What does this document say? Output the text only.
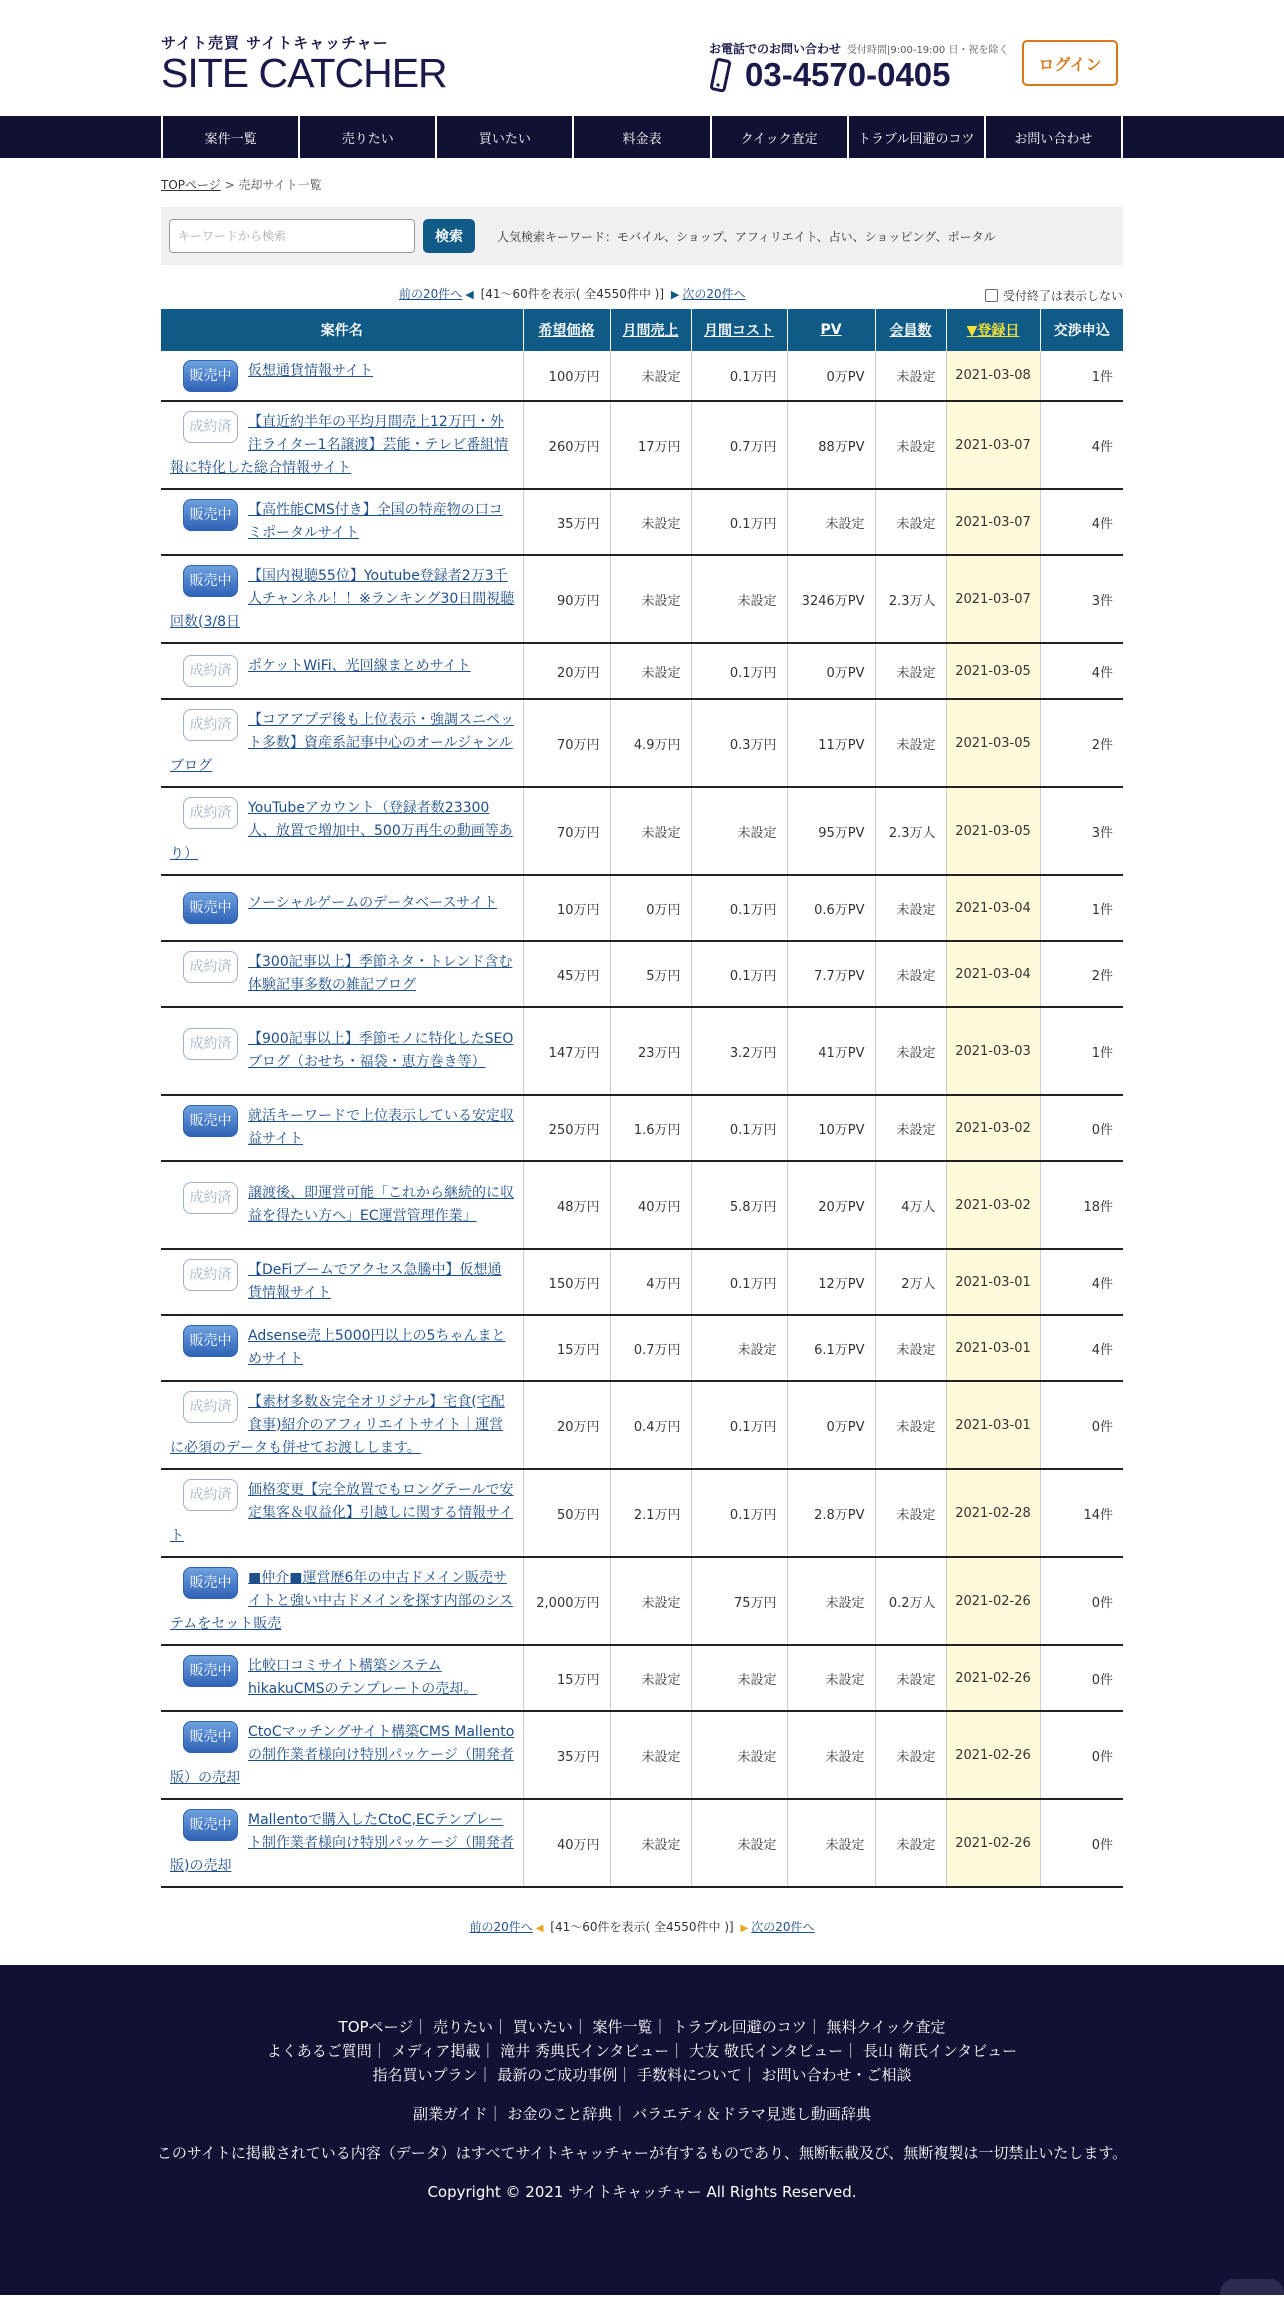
サイト売買 サイトキャッチャー
SITE CATCHER
お電話でのお問い合わせ 受付時間|9:00-19:00 日・祝を除く
03-4570-0405	ログイン
案件一覧	売りたい	買いたい	料金表	クイック査定	トラブル回避のコツ	お問い合わせ
TOPページ > 売却サイト一覧
キーワードから検索
検索	人気検索キーワード：モバイル、ショップ、アフィリエイト、占い、ショッピング、ポータル
前の20件へ ◀ [41～60件を表示( 全4550件中 )] ▶ 次の20件へ	受付終了は表示しない
案件名	希望価格	月間売上	月間コスト	PV	会員数	▼登録日	交渉申込

販売中 仮想通貨情報サイト	100万円	未設定	0.1万円	0万PV	未設定	2021-03-08	1件

成約済 【直近約半年の平均月間売上12万円・外注ライター1名譲渡】芸能・テレビ番組情報に特化した総合情報サイト	260万円	17万円	0.7万円	88万PV	未設定	2021-03-07	4件

販売中 【高性能CMS付き】全国の特産物の口コミポータルサイト	35万円	未設定	0.1万円	未設定	未設定	2021-03-07	4件

販売中 【国内視聴55位】Youtube登録者2万3千人チャンネル！！※ランキング30日間視聴回数(3/8日	90万円	未設定	未設定	3246万PV	2.3万人	2021-03-07	3件

成約済 ポケットWiFi、光回線まとめサイト	20万円	未設定	0.1万円	0万PV	未設定	2021-03-05	4件

成約済 【コアアプデ後も上位表示・強調スニペット多数】資産系記事中心のオールジャンルブログ	70万円	4.9万円	0.3万円	11万PV	未設定	2021-03-05	2件

成約済 YouTubeアカウント（登録者数23300人、放置で増加中、500万再生の動画等あり）	70万円	未設定	未設定	95万PV	2.3万人	2021-03-05	3件

販売中 ソーシャルゲームのデータベースサイト	10万円	0万円	0.1万円	0.6万PV	未設定	2021-03-04	1件

成約済 【300記事以上】季節ネタ・トレンド含む体験記事多数の雑記ブログ	45万円	5万円	0.1万円	7.7万PV	未設定	2021-03-04	2件

成約済 【900記事以上】季節モノに特化したSEOブログ（おせち・福袋・恵方巻き等）	147万円	23万円	3.2万円	41万PV	未設定	2021-03-03	1件

販売中 就活キーワードで上位表示している安定収益サイト	250万円	1.6万円	0.1万円	10万PV	未設定	2021-03-02	0件

成約済 譲渡後、即運営可能「これから継続的に収益を得たい方へ」EC運営管理作業」	48万円	40万円	5.8万円	20万PV	4万人	2021-03-02	18件

成約済 【DeFiブームでアクセス急騰中】仮想通貨情報サイト	150万円	4万円	0.1万円	12万PV	2万人	2021-03-01	4件

販売中 Adsense売上5000円以上の5ちゃんまとめサイト	15万円	0.7万円	未設定	6.1万PV	未設定	2021-03-01	4件

成約済 【素材多数＆完全オリジナル】宅食(宅配食事)紹介のアフィリエイトサイト｜運営に必須のデータも併せてお渡しします。	20万円	0.4万円	0.1万円	0万PV	未設定	2021-03-01	0件

成約済 価格変更【完全放置でもロングテールで安定集客＆収益化】引越しに関する情報サイト	50万円	2.1万円	0.1万円	2.8万PV	未設定	2021-02-28	14件

販売中 ■仲介■運営歴6年の中古ドメイン販売サイトと強い中古ドメインを探す内部のシステムをセット販売	2,000万円	未設定	75万円	未設定	0.2万人	2021-02-26	0件

販売中 比較口コミサイト構築システム hikakuCMSのテンプレートの売却。	15万円	未設定	未設定	未設定	未設定	2021-02-26	0件

販売中 CtoCマッチングサイト構築CMS Mallentoの制作業者様向け特別パッケージ（開発者版）の売却	35万円	未設定	未設定	未設定	未設定	2021-02-26	0件

販売中 Mallentoで購入したCtoC,ECテンプレート制作業者様向け特別パッケージ（開発者版)の売却	40万円	未設定	未設定	未設定	未設定	2021-02-26	0件
前の20件へ ◀ [41～60件を表示( 全4550件中 )] ▶ 次の20件へ
TOPページ｜ 売りたい｜ 買いたい｜ 案件一覧｜ トラブル回避のコツ｜ 無料クイック査定
よくあるご質問｜ メディア掲載｜ 滝井 秀典氏インタビュー｜ 大友 敬氏インタビュー｜ 長山 衛氏インタビュー
指名買いプラン｜ 最新のご成功事例｜ 手数料について｜ お問い合わせ・ご相談
副業ガイド｜ お金のこと辞典｜ バラエティ＆ドラマ見逃し動画辞典
このサイトに掲載されている内容（データ）はすべてサイトキャッチャーが有するものであり、無断転載及び、無断複製は一切禁止いたします。
Copyright © 2021 サイトキャッチャー All Rights Reserved.
